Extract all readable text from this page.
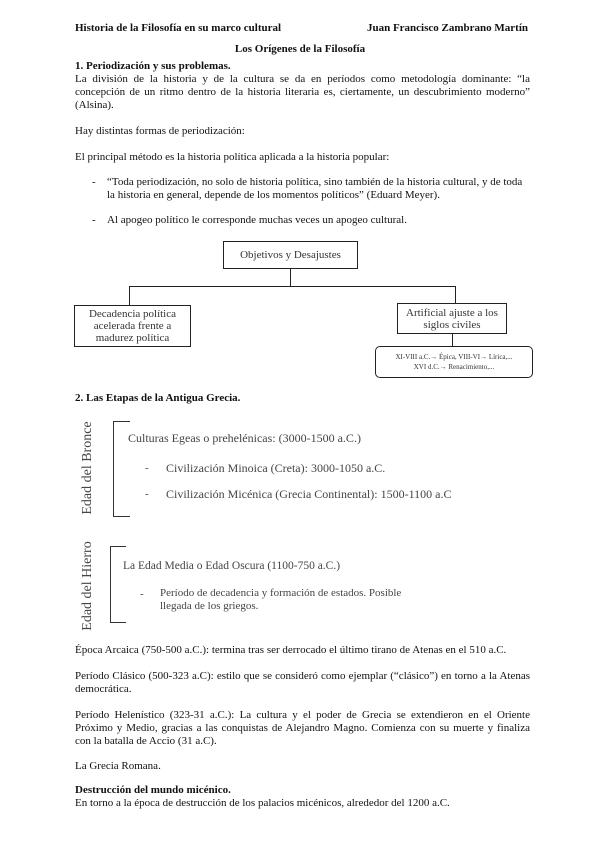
Historia de la Filosofía en su marco cultural	Juan Francisco Zambrano Martín
Los Orígenes de la Filosofía
1. Periodización y sus problemas.
La división de la historia y de la cultura se da en períodos como metodología dominante: “la concepción de un ritmo dentro de la historia literaria es, ciertamente, un descubrimiento moderno” (Alsina).
Hay distintas formas de periodización:
El principal método es la historia política aplicada a la historia popular:
- “Toda periodización, no solo de historia política, sino también de la historia cultural, y de toda la historia en general, depende de los momentos políticos” (Eduard Meyer).
- Al apogeo político le corresponde muchas veces un apogeo cultural.
Objetivos y Desajustes
Decadencia política acelerada frente a madurez política
Artificial ajuste a los siglos civiles
XI-VIII a.C.→ Épica, VIII-VI→ Lírica,...
XVI d.C.→ Renacimiento,...
2. Las Etapas de la Antigua Grecia.
Edad del Bronce	Culturas Egeas o prehelénicas: (3000-1500 a.C.)
- Civilización Minoica (Creta): 3000-1050 a.C.
- Civilización Micénica (Grecia Continental): 1500-1100 a.C
Edad del Hierro La Edad Media o Edad Oscura (1100-750 a.C.)
- Período de decadencia y formación de estados. Posible llegada de los griegos.
Época Arcaica (750-500 a.C.): termina tras ser derrocado el último tirano de Atenas en el 510 a.C.
Período Clásico (500-323 a.C): estilo que se consideró como ejemplar (“clásico”) en torno a la Atenas democrática.
Período Helenístico (323-31 a.C.): La cultura y el poder de Grecia se extendieron en el Oriente Próximo y Medio, gracias a las conquistas de Alejandro Magno. Comienza con su muerte y finaliza con la batalla de Accio (31 a.C).
La Grecia Romana.
Destrucción del mundo micénico.
En torno a la época de destrucción de los palacios micénicos, alrededor del 1200 a.C.
